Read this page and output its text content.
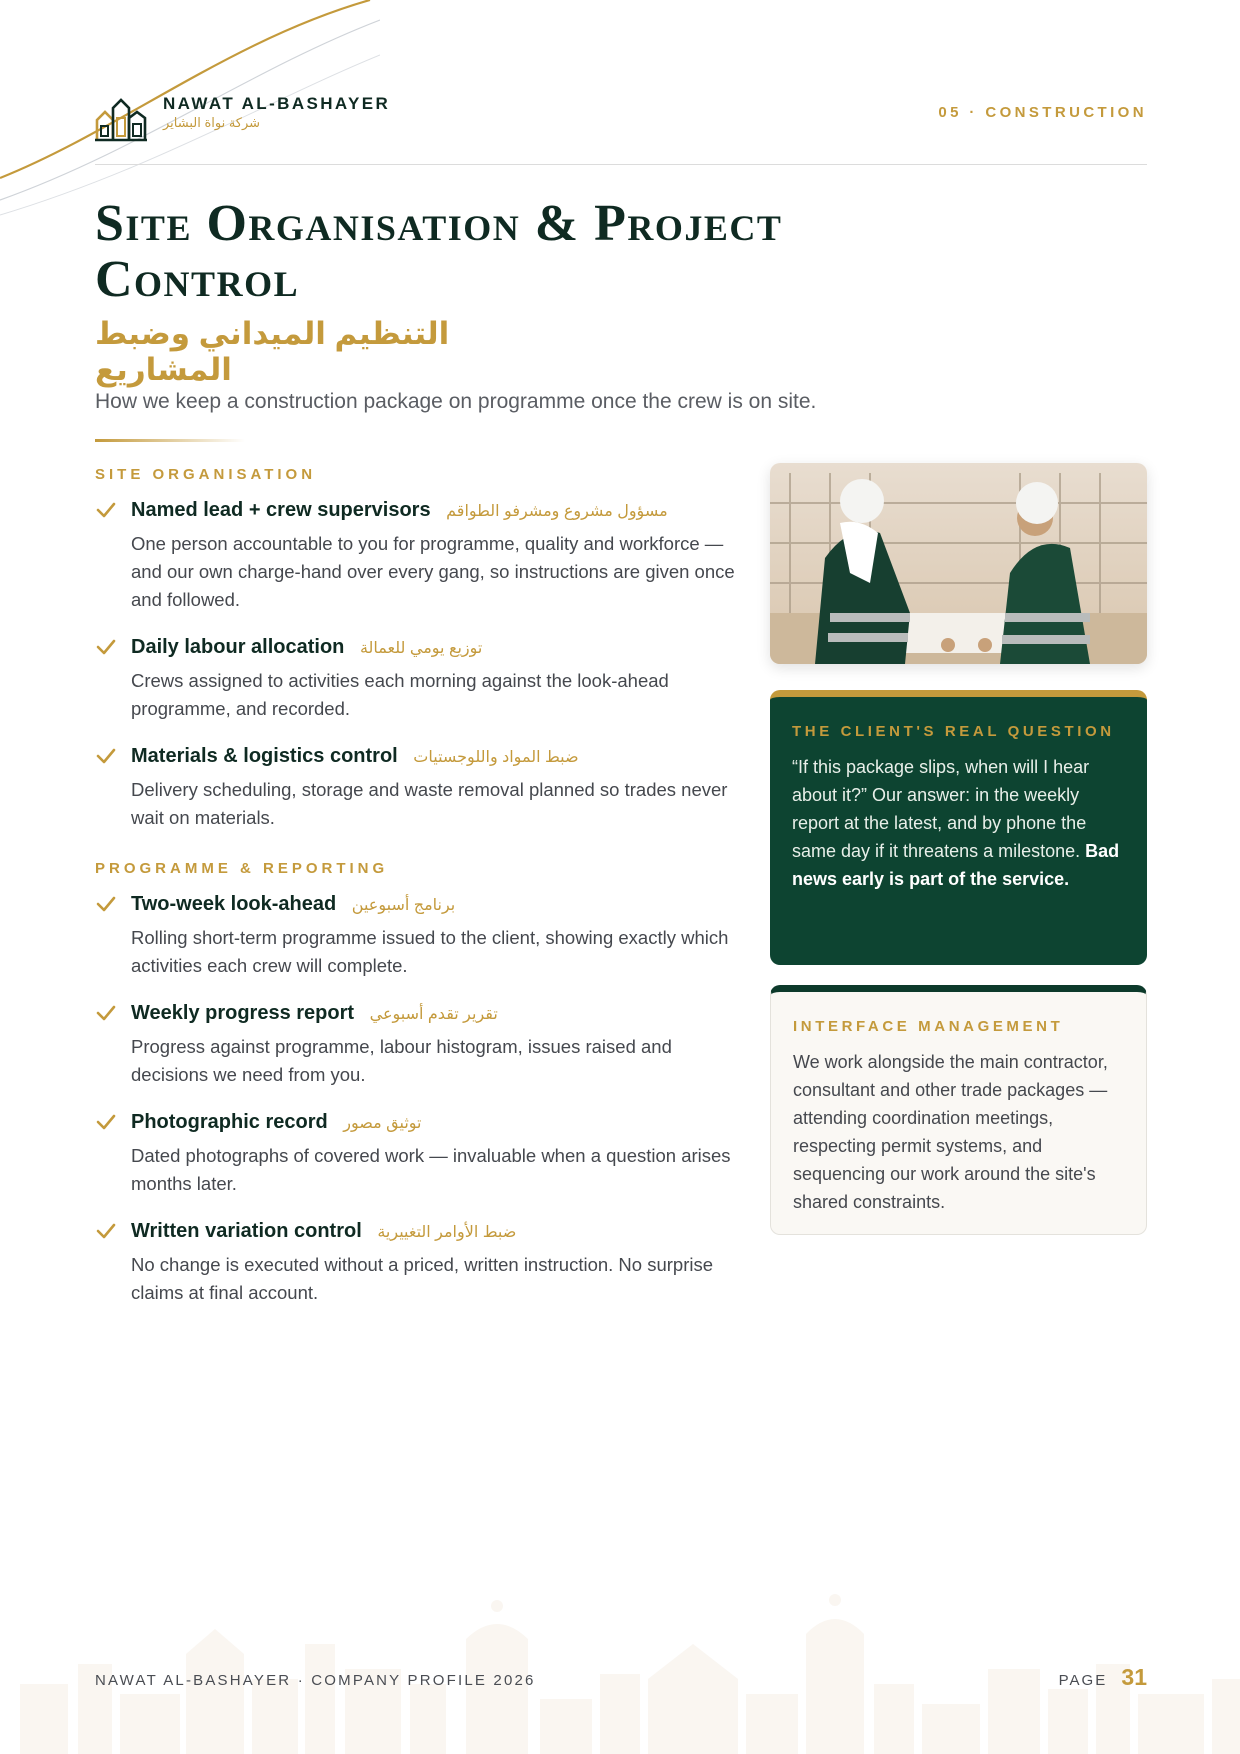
NAWAT AL-BASHAYER
شركة نواة البشاير
05 · CONSTRUCTION
Site Organisation & Project Control
التنظيم الميداني وضبط المشاريع
How we keep a construction package on programme once the crew is on site.
SITE ORGANISATION
Named lead + crew supervisors مسؤول مشروع ومشرفو الطواقم
One person accountable to you for programme, quality and workforce — and our own charge-hand over every gang, so instructions are given once and followed.
Daily labour allocation توزيع يومي للعمالة
Crews assigned to activities each morning against the look-ahead programme, and recorded.
Materials & logistics control ضبط المواد واللوجستيات
Delivery scheduling, storage and waste removal planned so trades never wait on materials.
PROGRAMME & REPORTING
Two-week look-ahead برنامج أسبوعين
Rolling short-term programme issued to the client, showing exactly which activities each crew will complete.
Weekly progress report تقرير تقدم أسبوعي
Progress against programme, labour histogram, issues raised and decisions we need from you.
Photographic record توثيق مصور
Dated photographs of covered work — invaluable when a question arises months later.
Written variation control ضبط الأوامر التغييرية
No change is executed without a priced, written instruction. No surprise claims at final account.
THE CLIENT'S REAL QUESTION
“If this package slips, when will I hear about it?” Our answer: in the weekly report at the latest, and by phone the same day if it threatens a milestone. Bad news early is part of the service.
INTERFACE MANAGEMENT
We work alongside the main contractor, consultant and other trade packages — attending coordination meetings, respecting permit systems, and sequencing our work around the site's shared constraints.
NAWAT AL-BASHAYER · COMPANY PROFILE 2026	PAGE 31
